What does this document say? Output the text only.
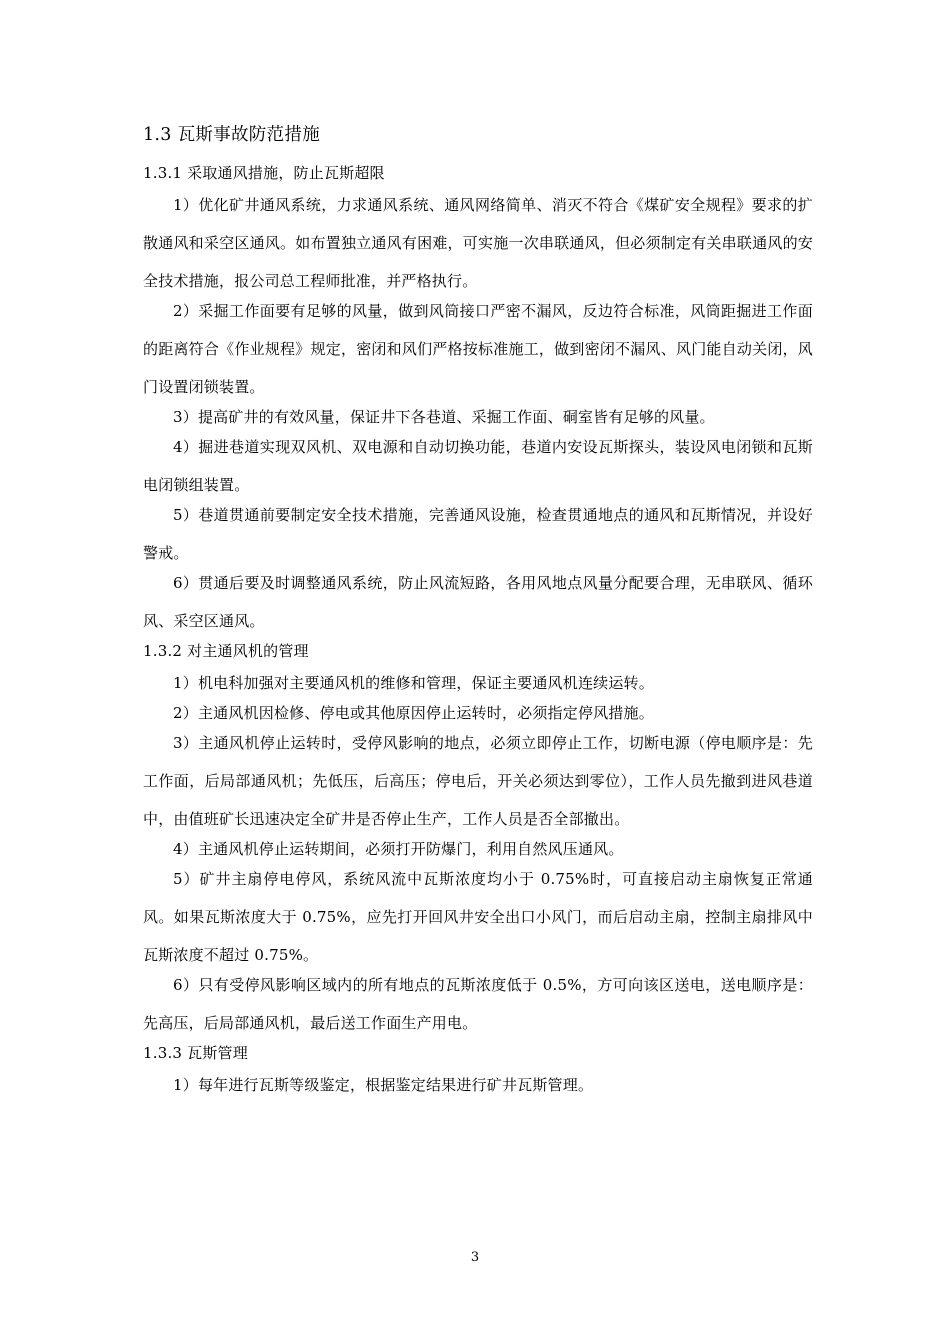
1.3 瓦斯事故防范措施
1.3.1 采取通风措施，防止瓦斯超限
1）优化矿井通风系统，力求通风系统、通风网络简单、消灭不符合《煤矿安全规程》要求的扩散通风和采空区通风。如布置独立通风有困难，可实施一次串联通风，但必须制定有关串联通风的安全技术措施，报公司总工程师批准，并严格执行。
2）采掘工作面要有足够的风量，做到风筒接口严密不漏风，反边符合标准，风筒距掘进工作面的距离符合《作业规程》规定，密闭和风们严格按标准施工，做到密闭不漏风、风门能自动关闭，风门设置闭锁装置。
3）提高矿井的有效风量，保证井下各巷道、采掘工作面、硐室皆有足够的风量。
4）掘进巷道实现双风机、双电源和自动切换功能，巷道内安设瓦斯探头，装设风电闭锁和瓦斯电闭锁组装置。
5）巷道贯通前要制定安全技术措施，完善通风设施，检查贯通地点的通风和瓦斯情况，并设好警戒。
6）贯通后要及时调整通风系统，防止风流短路，各用风地点风量分配要合理，无串联风、循环风、采空区通风。
1.3.2 对主通风机的管理
1）机电科加强对主要通风机的维修和管理，保证主要通风机连续运转。
2）主通风机因检修、停电或其他原因停止运转时，必须指定停风措施。
3）主通风机停止运转时，受停风影响的地点，必须立即停止工作，切断电源（停电顺序是：先工作面，后局部通风机；先低压，后高压；停电后，开关必须达到零位），工作人员先撤到进风巷道中，由值班矿长迅速决定全矿井是否停止生产，工作人员是否全部撤出。
4）主通风机停止运转期间，必须打开防爆门，利用自然风压通风。
5）矿井主扇停电停风，系统风流中瓦斯浓度均小于 0.75%时，可直接启动主扇恢复正常通风。如果瓦斯浓度大于 0.75%，应先打开回风井安全出口小风门，而后启动主扇，控制主扇排风中瓦斯浓度不超过 0.75%。
6）只有受停风影响区域内的所有地点的瓦斯浓度低于 0.5%，方可向该区送电，送电顺序是：先高压，后局部通风机，最后送工作面生产用电。
1.3.3 瓦斯管理
1）每年进行瓦斯等级鉴定，根据鉴定结果进行矿井瓦斯管理。
3
